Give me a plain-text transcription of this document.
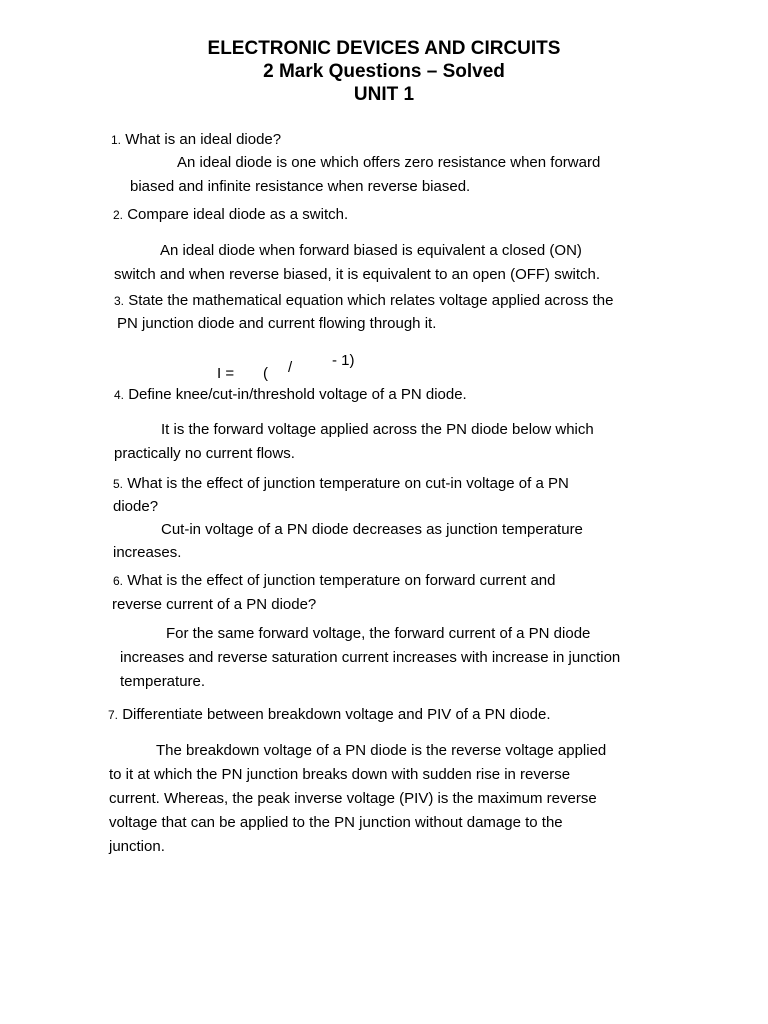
ELECTRONIC DEVICES AND CIRCUITS
2 Mark Questions – Solved
UNIT 1
1. What is an ideal diode?
An ideal diode is one which offers zero resistance when forward
biased and infinite resistance when reverse biased.
2. Compare ideal diode as a switch.
An ideal diode when forward biased is equivalent a closed (ON)
switch and when reverse biased, it is equivalent to an open (OFF) switch.
3. State the mathematical equation which relates voltage applied across the
PN junction diode and current flowing through it.
I = ( /	- 1)
4. Define knee/cut-in/threshold voltage of a PN diode.
It is the forward voltage applied across the PN diode below which
practically no current flows.
5. What is the effect of junction temperature on cut-in voltage of a PN
diode?
Cut-in voltage of a PN diode decreases as junction temperature
increases.
6. What is the effect of junction temperature on forward current and
reverse current of a PN diode?
For the same forward voltage, the forward current of a PN diode
increases and reverse saturation current increases with increase in junction
temperature.
7. Differentiate between breakdown voltage and PIV of a PN diode.
The breakdown voltage of a PN diode is the reverse voltage applied
to it at which the PN junction breaks down with sudden rise in reverse
current. Whereas, the peak inverse voltage (PIV) is the maximum reverse
voltage that can be applied to the PN junction without damage to the
junction.
